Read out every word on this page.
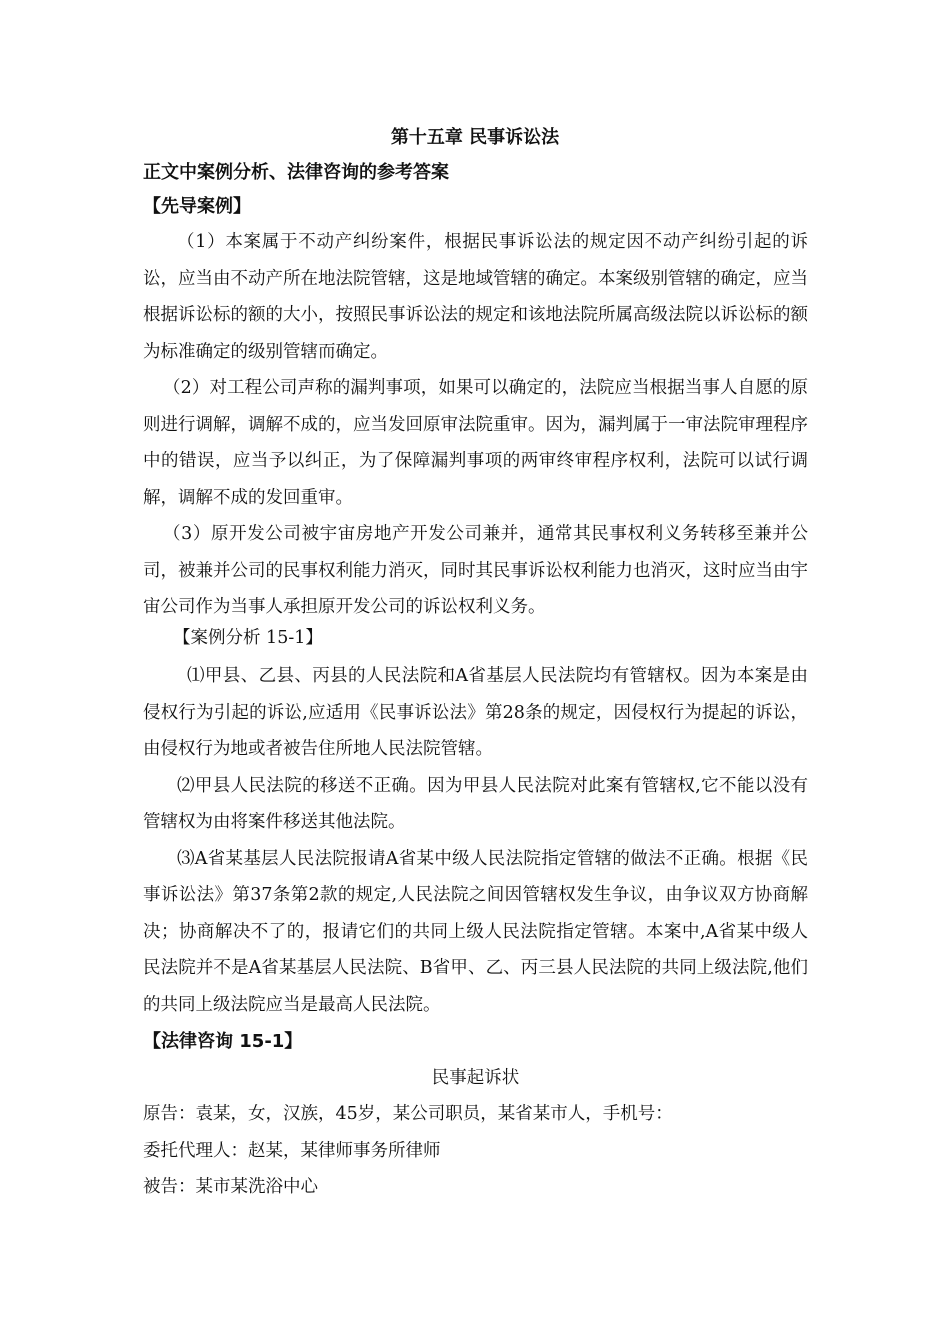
第十五章 民事诉讼法
正文中案例分析、法律咨询的参考答案
【先导案例】

（1）本案属于不动产纠纷案件，根据民事诉讼法的规定因不动产纠纷引起的诉讼，应当由不动产所在地法院管辖，这是地域管辖的确定。本案级别管辖的确定，应当根据诉讼标的额的大小，按照民事诉讼法的规定和该地法院所属高级法院以诉讼标的额为标准确定的级别管辖而确定。

（2）对工程公司声称的漏判事项，如果可以确定的，法院应当根据当事人自愿的原则进行调解，调解不成的，应当发回原审法院重审。因为，漏判属于一审法院审理程序中的错误，应当予以纠正，为了保障漏判事项的两审终审程序权利，法院可以试行调解，调解不成的发回重审。

（3）原开发公司被宇宙房地产开发公司兼并，通常其民事权利义务转移至兼并公司，被兼并公司的民事权利能力消灭，同时其民事诉讼权利能力也消灭，这时应当由宇宙公司作为当事人承担原开发公司的诉讼权利义务。

【案例分析 15-1】

⑴甲县、乙县、丙县的人民法院和A省基层人民法院均有管辖权。因为本案是由侵权行为引起的诉讼,应适用《民事诉讼法》第28条的规定，因侵权行为提起的诉讼，由侵权行为地或者被告住所地人民法院管辖。

⑵甲县人民法院的移送不正确。因为甲县人民法院对此案有管辖权,它不能以没有管辖权为由将案件移送其他法院。

⑶A省某基层人民法院报请A省某中级人民法院指定管辖的做法不正确。根据《民事诉讼法》第37条第2款的规定,人民法院之间因管辖权发生争议，由争议双方协商解决；协商解决不了的，报请它们的共同上级人民法院指定管辖。本案中,A省某中级人民法院并不是A省某基层人民法院、B省甲、乙、丙三县人民法院的共同上级法院,他们的共同上级法院应当是最高人民法院。

【法律咨询 15-1】
民事起诉状

原告：袁某，女，汉族，45岁，某公司职员，某省某市人，手机号：

委托代理人：赵某，某律师事务所律师

被告：某市某洗浴中心
